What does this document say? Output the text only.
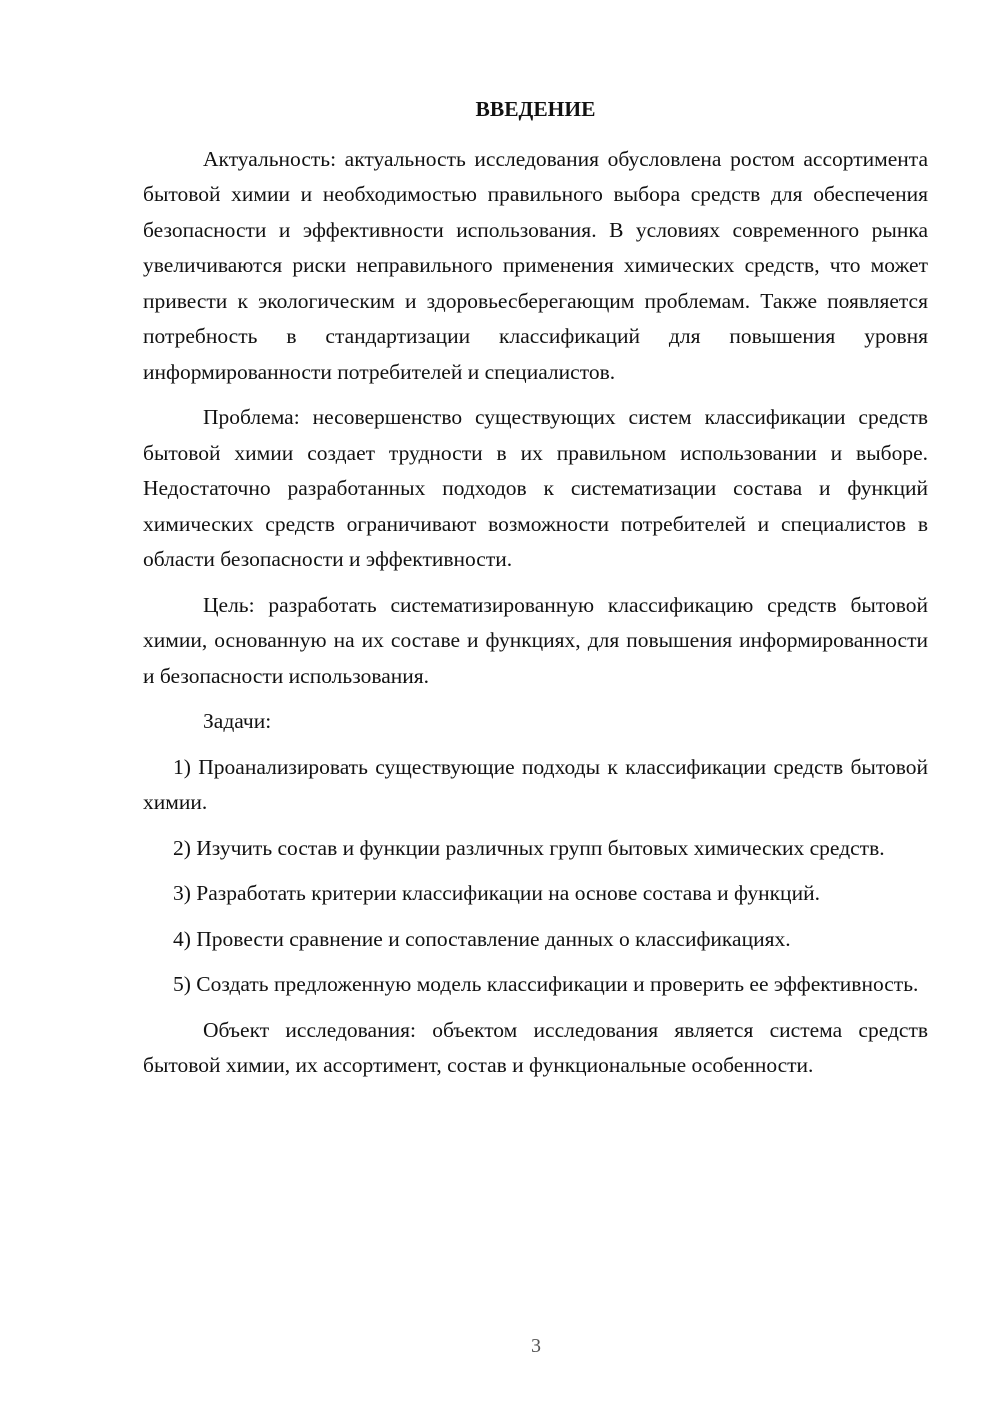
ВВЕДЕНИЕ

Актуальность: актуальность исследования обусловлена ростом ассортимента бытовой химии и необходимостью правильного выбора средств для обеспечения безопасности и эффективности использования. В условиях современного рынка увеличиваются риски неправильного применения химических средств, что может привести к экологическим и здоровьесберегающим проблемам. Также появляется потребность в стандартизации классификаций для повышения уровня информированности потребителей и специалистов.

Проблема: несовершенство существующих систем классификации средств бытовой химии создает трудности в их правильном использовании и выборе. Недостаточно разработанных подходов к систематизации состава и функций химических средств ограничивают возможности потребителей и специалистов в области безопасности и эффективности.

Цель: разработать систематизированную классификацию средств бытовой химии, основанную на их составе и функциях, для повышения информированности и безопасности использования.

Задачи:

1) Проанализировать существующие подходы к классификации средств бытовой химии.

2) Изучить состав и функции различных групп бытовых химических средств.

3) Разработать критерии классификации на основе состава и функций.

4) Провести сравнение и сопоставление данных о классификациях.

5) Создать предложенную модель классификации и проверить ее эффективность.

Объект исследования: объектом исследования является система средств бытовой химии, их ассортимент, состав и функциональные особенности.

3
